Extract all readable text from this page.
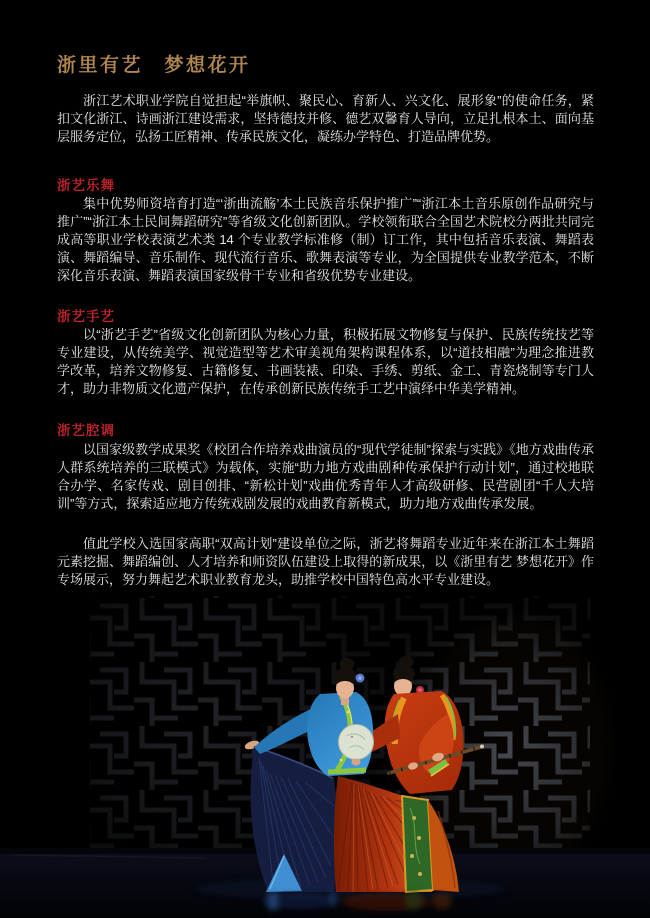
浙里有艺　梦想花开

浙江艺术职业学院自觉担起“举旗帜、聚民心、育新人、兴文化、展形象”的使命任务，紧扣文化浙江、诗画浙江建设需求，坚持德技并修、德艺双馨育人导向，立足扎根本土、面向基层服务定位，弘扬工匠精神、传承民族文化，凝练办学特色、打造品牌优势。

浙艺乐舞

集中优势师资培育打造“‘浙曲流觞’本土民族音乐保护推广”“浙江本土音乐原创作品研究与推广”“浙江本土民间舞蹈研究”等省级文化创新团队。学校领衔联合全国艺术院校分两批共同完成高等职业学校表演艺术类 14 个专业教学标准修（制）订工作，其中包括音乐表演、舞蹈表演、舞蹈编导、音乐制作、现代流行音乐、歌舞表演等专业，为全国提供专业教学范本，不断深化音乐表演、舞蹈表演国家级骨干专业和省级优势专业建设。

浙艺手艺

以“浙艺手艺”省级文化创新团队为核心力量，积极拓展文物修复与保护、民族传统技艺等专业建设，从传统美学、视觉造型等艺术审美视角架构课程体系，以“道技相融”为理念推进教学改革，培养文物修复、古籍修复、书画装裱、印染、手绣、剪纸、金工、青瓷烧制等专门人才，助力非物质文化遗产保护，在传承创新民族传统手工艺中演绎中华美学精神。

浙艺腔调

以国家级教学成果奖《校团合作培养戏曲演员的“现代学徒制”探索与实践》《地方戏曲传承人群系统培养的三联模式》为载体，实施“助力地方戏曲剧种传承保护行动计划”，通过校地联合办学、名家传戏、剧目创排、“新松计划”戏曲优秀青年人才高级研修、民营剧团“千人大培训”等方式，探索适应地方传统戏剧发展的戏曲教育新模式，助力地方戏曲传承发展。

值此学校入选国家高职“双高计划”建设单位之际，浙艺将舞蹈专业近年来在浙江本土舞蹈元素挖掘、舞蹈编创、人才培养和师资队伍建设上取得的新成果，以《浙里有艺 梦想花开》作专场展示，努力舞起艺术职业教育龙头，助推学校中国特色高水平专业建设。
